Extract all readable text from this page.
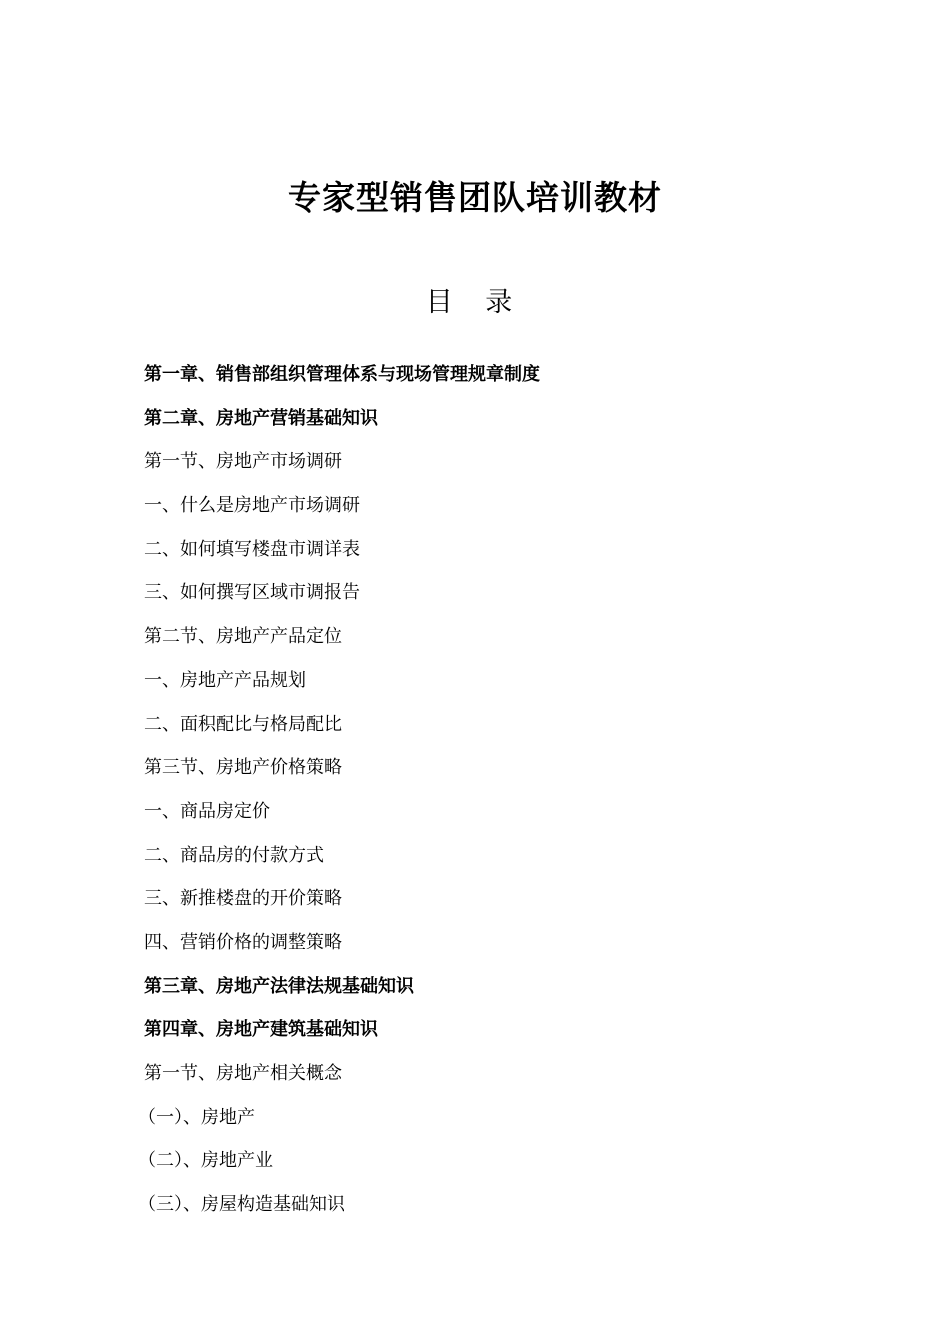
专家型销售团队培训教材
目 录
第一章、销售部组织管理体系与现场管理规章制度
第二章、房地产营销基础知识
第一节、房地产市场调研
一、什么是房地产市场调研
二、如何填写楼盘市调详表
三、如何撰写区域市调报告
第二节、房地产产品定位
一、房地产产品规划
二、面积配比与格局配比
第三节、房地产价格策略
一、商品房定价
二、商品房的付款方式
三、新推楼盘的开价策略
四、营销价格的调整策略
第三章、房地产法律法规基础知识
第四章、房地产建筑基础知识
第一节、房地产相关概念
（一）、房地产
（二）、房地产业
（三）、房屋构造基础知识
